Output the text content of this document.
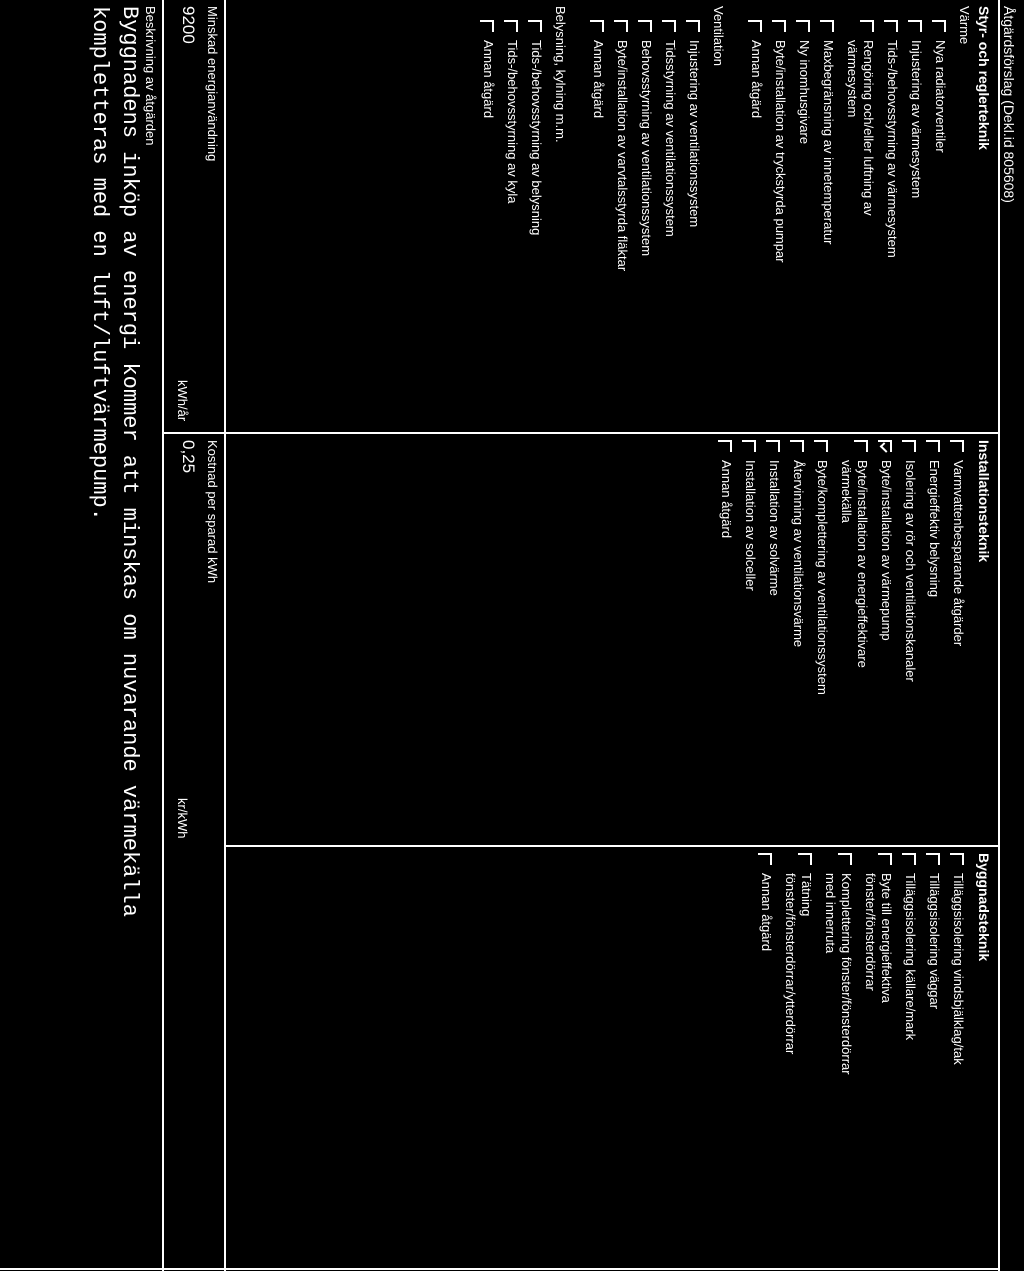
Åtgärdsförslag (Dekl.id 805608)
Styr- och reglerteknik
Installationsteknik
Byggnadsteknik
Minskad energianvändning
9200
kWh/år
Kostnad per sparad kWh
0,25
kr/kWh
Beskrivning av åtgärden
Byggnadens inköp av energi kommer att minskas om nuvarande värmekälla
kompletteras med en luft/luftvärmepump.	Värme
Nya radiatorventiler
Injustering av värmesystem
Tids-/behovsstyrning av värmesystem
Rengöring och/eller luftning av
värmesystem
Maxbegränsning av innetemperatur
Ny inomhusgivare
Byte/installation av tryckstyrda pumpar
Annan åtgärd
Ventilation
Injustering av ventilationssystem
Tidsstyrning av ventilationssystem
Behovsstyrning av ventilationssystem
Byte/installation av varvtalsstyrda fläktar
Annan åtgärd
Belysning, kylning m.m.
Tids-/behovsstyrning av belysning
Tids-/behovsstyrning av kyla
Annan åtgärd
Varmvattenbesparande åtgärder
Energieffektiv belysning
Isolering av rör och ventilationskanaler
Byte/installation av värmepump
Byte/installation av energieffektivare
värmekälla
Byte/komplettering av ventilationssystem
Återvinning av ventilationsvärme
Installation av solvärme
Installation av solceller
Annan åtgärd
Tilläggsisolering vindsbjälklag/tak
Tilläggsisolering väggar
Tilläggsisolering källare/mark
Byte till energieffektiva
fönster/fönsterdörrar
Komplettering fönster/fönsterdörrar
med innerruta
Tätning
fönster/fönsterdörrar/ytterdörrar
Annan åtgärd
